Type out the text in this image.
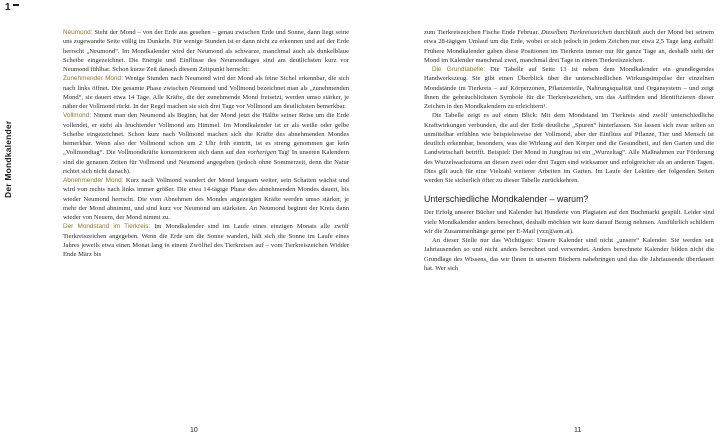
1
Der Mondkalender

Neumond: Steht der Mond – von der Erde aus gesehen – genau zwischen Erde und Sonne, dann liegt seine uns zugewandte Seite völlig im Dunkeln. Für wenige Stunden ist er dann nicht zu erkennen und auf der Erde herrscht „Neumond“. Im Mondkalender wird der Neumond als schwarze, manchmal auch als dunkelblaue Scheibe eingezeichnet. Die Energie und Einflüsse des Neumondtages sind am deutlichsten kurz vor Neumond fühlbar. Schon kurze Zeit danach diesem Zeitpunkt herrscht:

Zunehmender Mond: Wenige Stunden nach Neumond wird der Mond als feine Sichel erkennbar, die sich nach links öffnet. Die gesamte Phase zwischen Neumond und Vollmond bezeichnet man als „zunehmenden Mond“, sie dauert etwa 14 Tage. Alle Kräfte, die der zunehmende Mond freisetzt, werden umso stärker, je näher der Vollmond rückt. In der Regel machen sie sich drei Tage vor Vollmond am deutlichsten bemerkbar.

Vollmond: Nimmt man den Neumond als Beginn, hat der Mond jetzt die Hälfte seiner Reise um die Erde vollendet, er steht als leuchtender Vollmond am Himmel. Im Mondkalender ist er als weiße oder gelbe Scheibe eingezeichnet. Schon kurz nach Vollmond machen sich die Kräfte des abnehmenden Mondes bemerkbar. Wenn also der Vollmond schon um 2 Uhr früh eintritt, ist es streng genommen gar kein „Vollmondtag“. Die Vollmondkräfte konzentrieren sich dann auf den vorherigen Tag! In unseren Kalendern sind die genauen Zeiten für Vollmond und Neumond angegeben (jedoch ohne Sommerzeit, denn die Natur richtet sich nicht danach).

Abnehmender Mond: Kurz nach Vollmond wandert der Mond langsam weiter, sein Schatten wächst und wird von rechts nach links immer größer. Die etwa 14-tägige Phase des abnehmenden Mondes dauert, bis wieder Neumond herrscht. Die vom Abnehmen des Mondes angezeigten Kräfte werden umso stärker, je mehr der Mond abnimmt, und sind kurz vor Neumond am stärksten. An Neumond beginnt der Kreis dann wieder von Neuem, der Mond nimmt zu.

Der Mondstand im Tierkreis: Im Mondkalender sind im Laufe eines einzigen Monats alle zwölf Tierkreiszeichen angegeben. Wenn die Erde um die Sonne wandert, hält sich die Sonne im Laufe eines Jahres jeweils etwa einen Monat lang in einem Zwölftel des Tierkreises auf – vom Tierkreiszeichen Widder Ende März bis

10

zum Tierkreiszeichen Fische Ende Februar. Dieselben Tierkreiszeichen durchläuft auch der Mond bei seinem etwa 28-tägigen Umlauf um die Erde, wobei er sich jedoch in jedem Zeichen nur etwa 2,5 Tage lang aufhält! Frühere Mondkalender gaben diese Positionen im Tierkreis immer nur für ganze Tage an, deshalb steht der Mond im Kalender manchmal zwei, manchmal drei Tage in einem Tierkreiszeichen.

Die Grundtabelle: Die Tabelle auf Seite 13 ist neben dem Mondkalender ein grundlegendes Handwerkszeug. Sie gibt einen Überblick über die unterschiedlichen Wirkungsimpulse der einzelnen Mondstände im Tierkreis – auf Körperzonen, Pflanzenteile, Nahrungsqualität und Organsystem – und zeigt Ihnen die gebräuchlichsten Symbole für die Tierkreiszeichen, um das Auffinden und Identifizieren dieser Zeichen in den Mondkalendern zu erleichtern¹.

Die Tabelle zeigt es auf einen Blick: Mit dem Mondstand im Tierkreis sind zwölf unterschiedliche Kraftwirkungen verbunden, die auf der Erde deutliche „Spuren“ hinterlassen. Sie lassen sich zwar selten so unmittelbar erfühlen wie beispielsweise der Vollmond, aber der Einfluss auf Pflanze, Tier und Mensch ist deutlich erkennbar, besonders, was die Wirkung auf den Körper und die Gesundheit, auf den Garten und die Landwirtschaft betrifft. Beispiel: Der Mond in Jungfrau ist ein „Wurzeltag“. Alle Maßnahmen zur Förderung des Wurzelwachstums an diesen zwei oder drei Tagen sind wirksamer und erfolgreicher als an anderen Tagen. Dies gilt auch für eine Vielzahl weiterer Arbeiten im Garten. Im Laufe der Lektüre der folgenden Seiten werden Sie sicherlich öfter zu dieser Tabelle zurückkehren.

Unterschiedliche Mondkalender – warum?

Der Erfolg unserer Bücher und Kalender hat Hunderte von Plagiaten auf den Buchmarkt gespült. Leider sind viele Mondkalender anders berechnet, deshalb möchten wir kurz darauf Bezug nehmen. Ausführlich schildern wir die Zusammenhänge gerne per E-Mail (vzz@aon.at).

An dieser Stelle nur das Wichtigste: Unsere Kalender sind nicht „unsere“ Kalender. Sie werden seit Jahrtausenden so und nicht anders berechnet und verwendet. Anders berechnete Kalender bilden nicht die Grundlage des Wissens, das wir Ihnen in unseren Büchern nahebringen und das die Jahrtausende überdauert hat. Wer sich

11
